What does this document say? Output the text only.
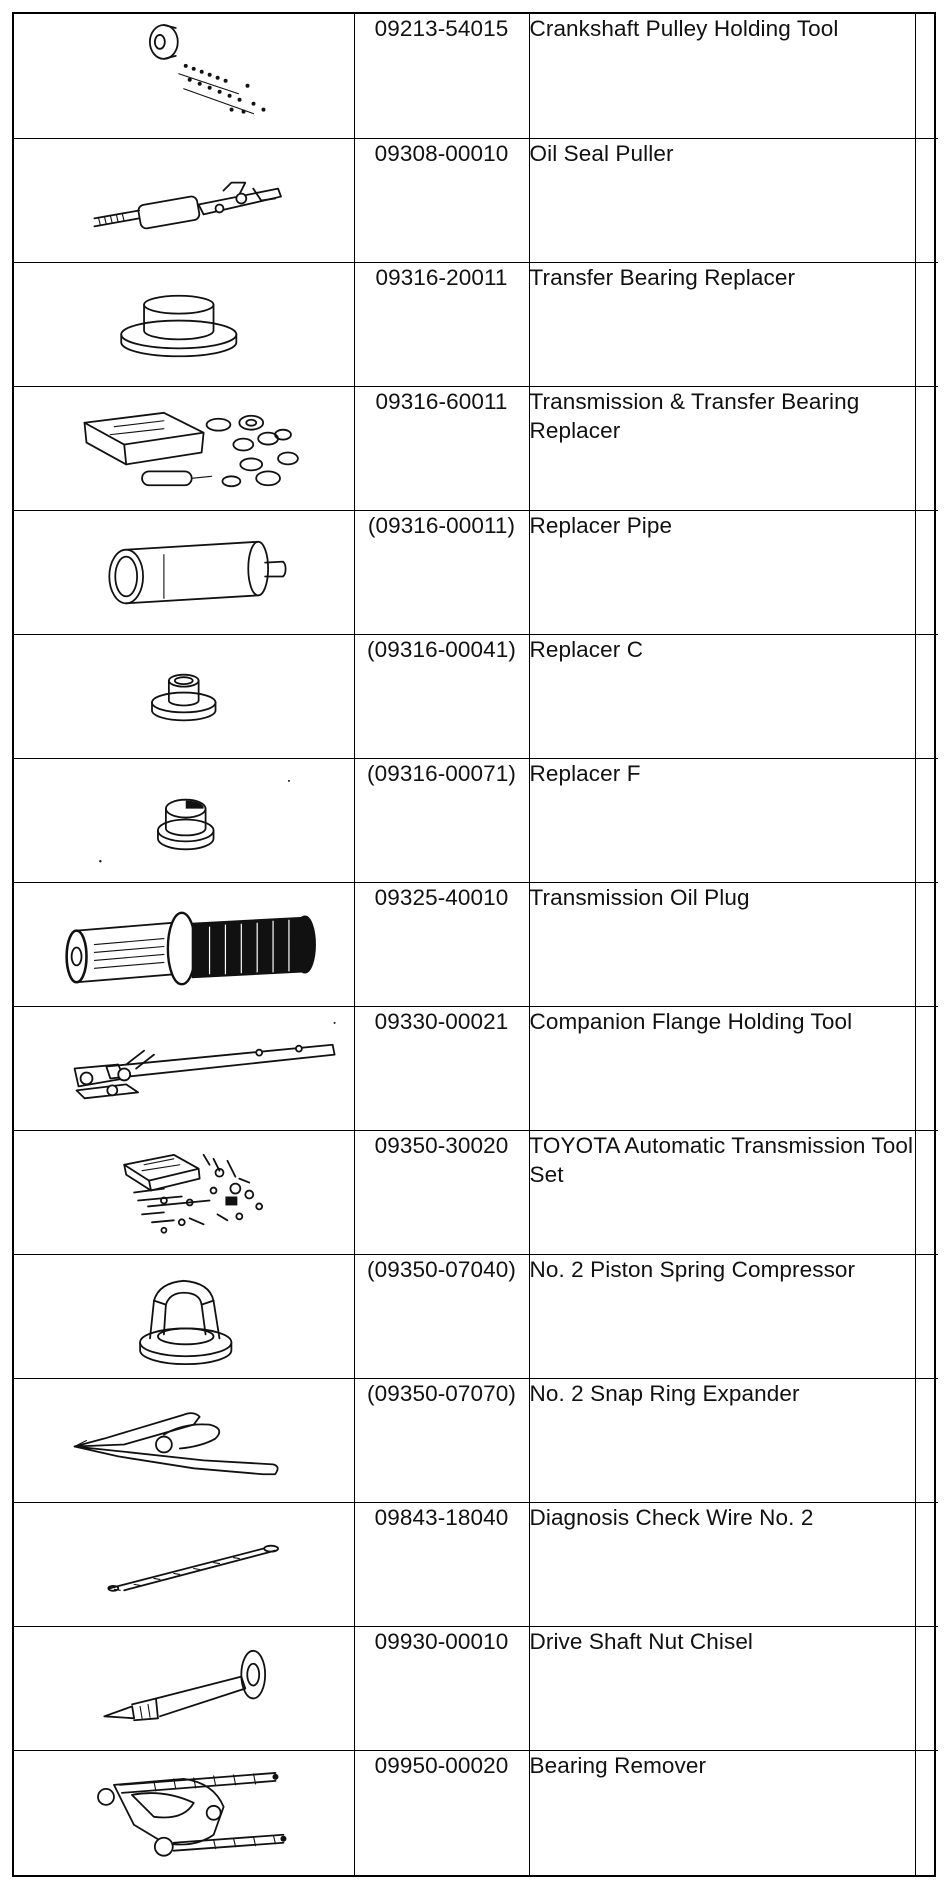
	09213-54015	Crankshaft Pulley Holding Tool	

	09308-00010	Oil Seal Puller	

	09316-20011	Transfer Bearing Replacer	

	09316-60011	Transmission & Transfer Bearing Replacer	

	(09316-00011)	Replacer Pipe	

	(09316-00041)	Replacer C	

	(09316-00071)	Replacer F	

	09325-40010	Transmission Oil Plug	

	09330-00021	Companion Flange Holding Tool	

	09350-30020	TOYOTA Automatic Transmission Tool Set	

	(09350-07040)	No. 2 Piston Spring Compressor	

	(09350-07070)	No. 2 Snap Ring Expander	

	09843-18040	Diagnosis Check Wire No. 2	

	09930-00010	Drive Shaft Nut Chisel	

	09950-00020	Bearing Remover	
